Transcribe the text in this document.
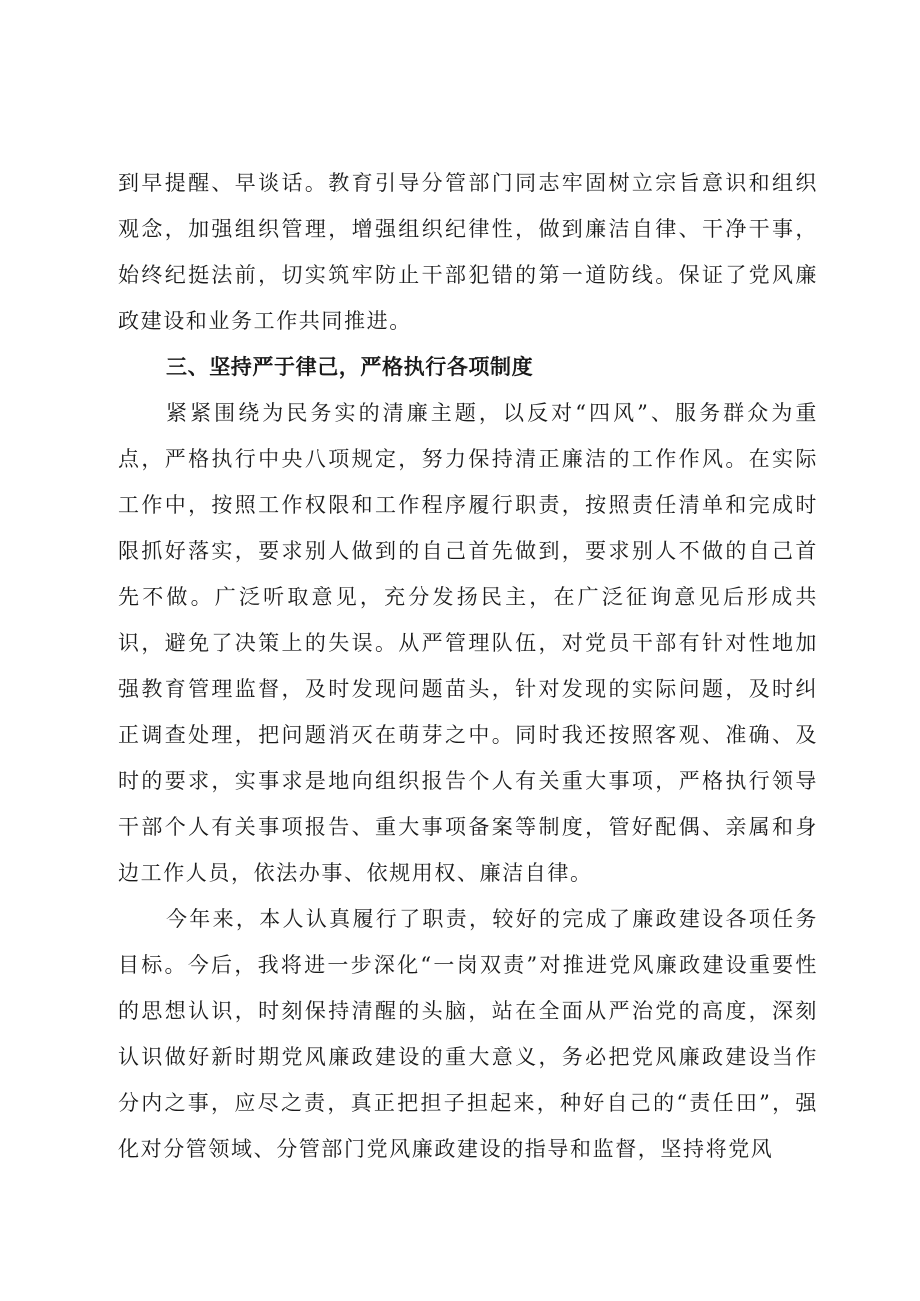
到早提醒、早谈话。教育引导分管部门同志牢固树立宗旨意识和组织观念，加强组织管理，增强组织纪律性，做到廉洁自律、干净干事，始终纪挺法前，切实筑牢防止干部犯错的第一道防线。保证了党风廉政建设和业务工作共同推进。

三、坚持严于律己，严格执行各项制度

紧紧围绕为民务实的清廉主题，以反对“四风”、服务群众为重点，严格执行中央八项规定，努力保持清正廉洁的工作作风。在实际工作中，按照工作权限和工作程序履行职责，按照责任清单和完成时限抓好落实，要求别人做到的自己首先做到，要求别人不做的自己首先不做。广泛听取意见，充分发扬民主，在广泛征询意见后形成共识，避免了决策上的失误。从严管理队伍，对党员干部有针对性地加强教育管理监督，及时发现问题苗头，针对发现的实际问题，及时纠正调查处理，把问题消灭在萌芽之中。同时我还按照客观、准确、及时的要求，实事求是地向组织报告个人有关重大事项，严格执行领导干部个人有关事项报告、重大事项备案等制度，管好配偶、亲属和身边工作人员，依法办事、依规用权、廉洁自律。

今年来，本人认真履行了职责，较好的完成了廉政建设各项任务目标。今后，我将进一步深化“一岗双责”对推进党风廉政建设重要性的思想认识，时刻保持清醒的头脑，站在全面从严治党的高度，深刻认识做好新时期党风廉政建设的重大意义，务必把党风廉政建设当作分内之事，应尽之责，真正把担子担起来，种好自己的“责任田”，强化对分管领域、分管部门党风廉政建设的指导和监督，坚持将党风
